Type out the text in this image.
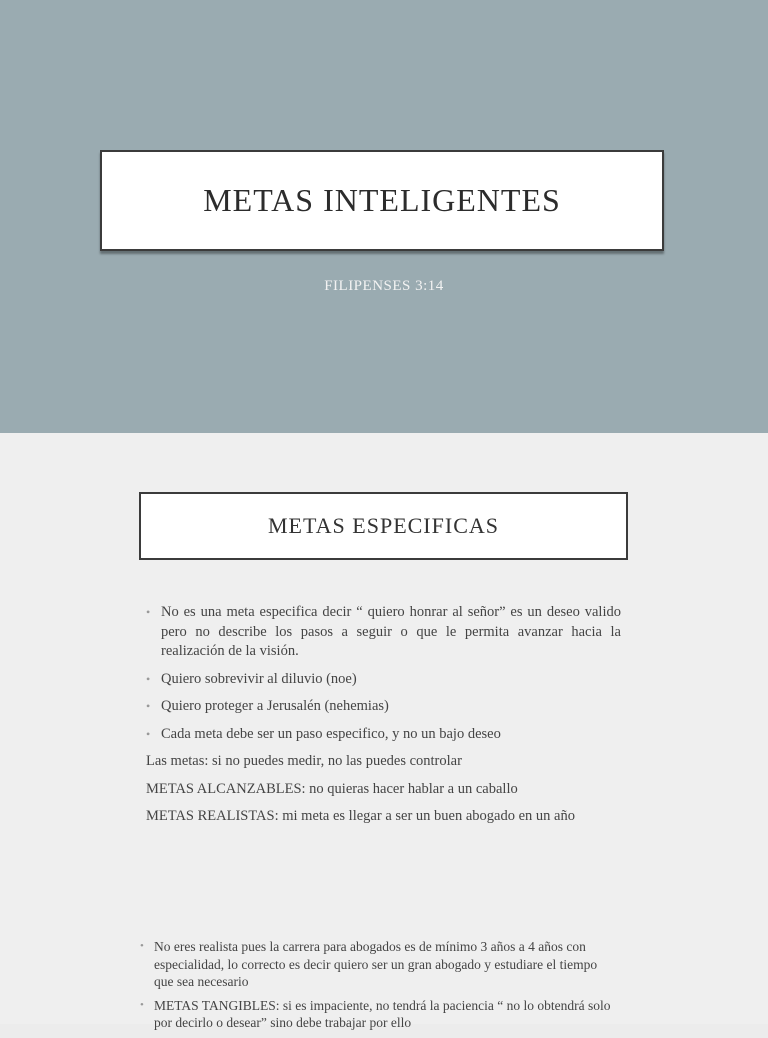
METAS INTELIGENTES
FILIPENSES 3:14
METAS ESPECIFICAS
• No es una meta especifica decir “ quiero honrar al señor” es un deseo valido pero no describe los pasos a seguir o que le permita avanzar hacia la realización de la visión.
• Quiero sobrevivir al diluvio (noe)
• Quiero proteger a Jerusalén (nehemias)
• Cada meta debe ser un paso especifico, y no un bajo deseo

Las metas: si no puedes medir, no las puedes controlar

METAS ALCANZABLES: no quieras hacer hablar a un caballo

METAS REALISTAS: mi meta es llegar a ser un buen abogado en un año

• No eres realista pues la carrera para abogados es de mínimo 3 años a 4 años con especialidad, lo correcto es decir quiero ser un gran abogado y estudiare el tiempo que sea necesario
• METAS TANGIBLES: si es impaciente, no tendrá la paciencia “ no lo obtendrá solo por decirlo o desear” sino debe trabajar por ello
